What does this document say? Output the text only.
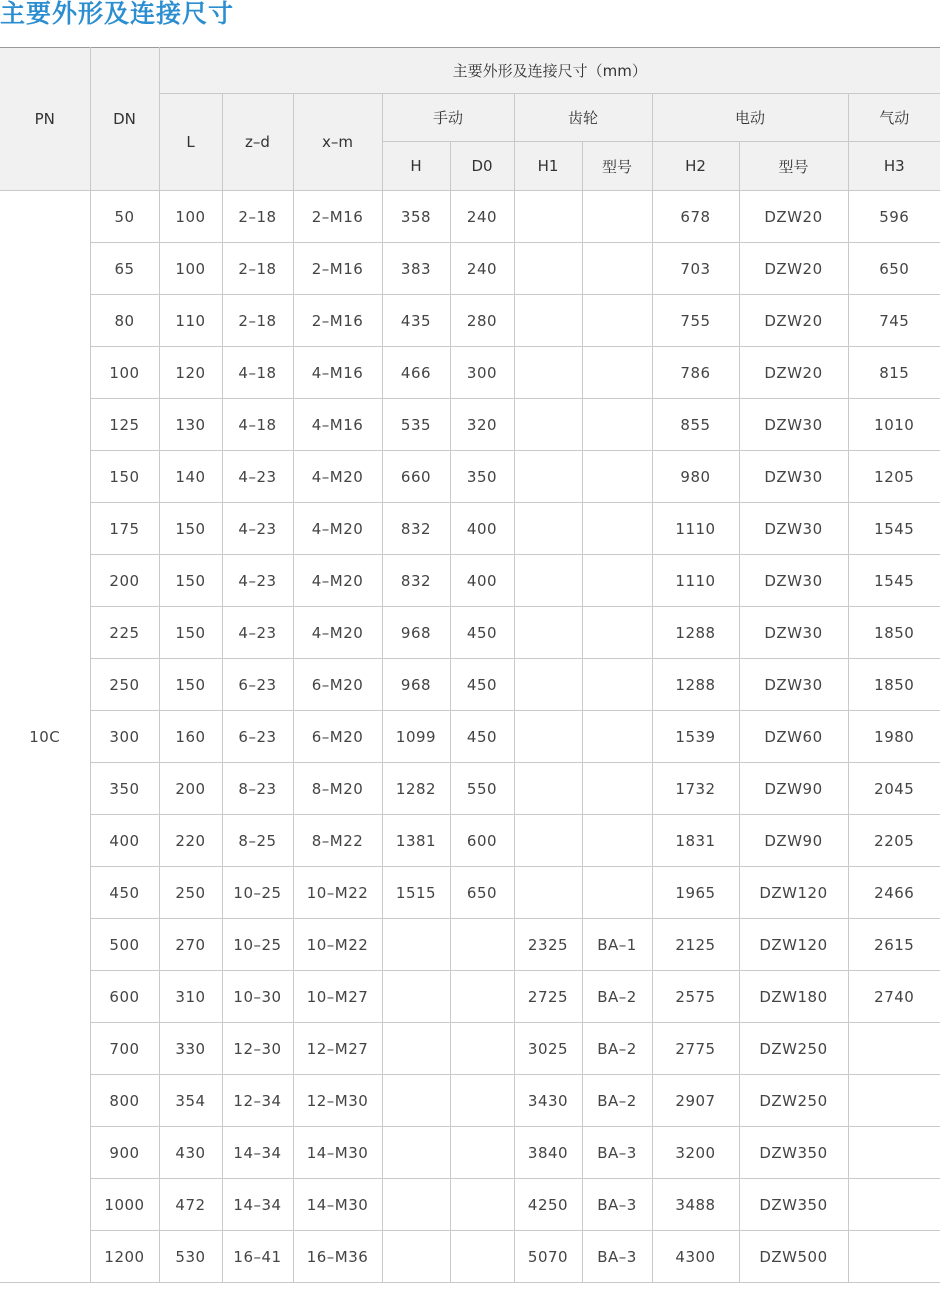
主要外形及连接尺寸
PN	DN	主要外形及连接尺寸（mm）									
		L	z–d	x–m	手动		齿轮		电动		气动
					H	D0	H1	型号	H2	型号	H3
10C	50	100	2–18	2–M16	358	240			678	DZW20	596
	65	100	2–18	2–M16	383	240			703	DZW20	650
	80	110	2–18	2–M16	435	280			755	DZW20	745
	100	120	4–18	4–M16	466	300			786	DZW20	815
	125	130	4–18	4–M16	535	320			855	DZW30	1010
	150	140	4–23	4–M20	660	350			980	DZW30	1205
	175	150	4–23	4–M20	832	400			1110	DZW30	1545
	200	150	4–23	4–M20	832	400			1110	DZW30	1545
	225	150	4–23	4–M20	968	450			1288	DZW30	1850
	250	150	6–23	6–M20	968	450			1288	DZW30	1850
	300	160	6–23	6–M20	1099	450			1539	DZW60	1980
	350	200	8–23	8–M20	1282	550			1732	DZW90	2045
	400	220	8–25	8–M22	1381	600			1831	DZW90	2205
	450	250	10–25	10–M22	1515	650			1965	DZW120	2466
	500	270	10–25	10–M22			2325	BA–1	2125	DZW120	2615
	600	310	10–30	10–M27			2725	BA–2	2575	DZW180	2740
	700	330	12–30	12–M27			3025	BA–2	2775	DZW250	
	800	354	12–34	12–M30			3430	BA–2	2907	DZW250	
	900	430	14–34	14–M30			3840	BA–3	3200	DZW350	
	1000	472	14–34	14–M30			4250	BA–3	3488	DZW350	
	1200	530	16–41	16–M36			5070	BA–3	4300	DZW500	
